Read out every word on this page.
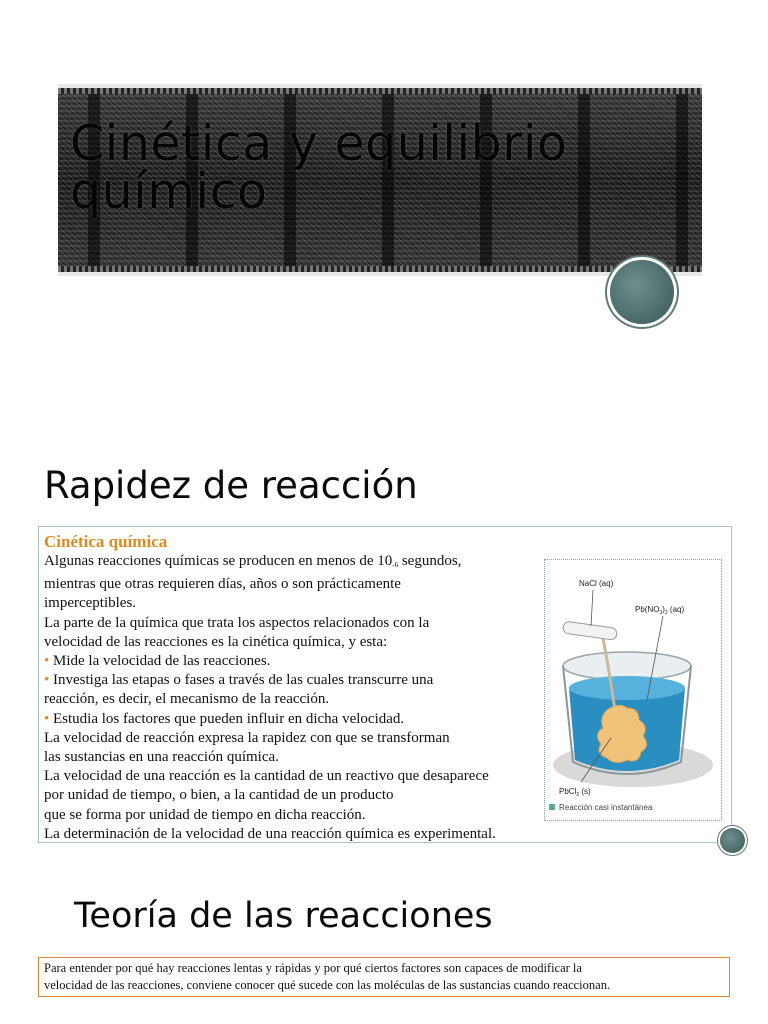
Cinética y equilibrio
químico
Rapidez de reacción
Cinética química
Algunas reacciones químicas se producen en menos de $10_{-6}$ segundos,
mientras que otras requieren días, años o son prácticamente
imperceptibles.
La parte de la química que trata los aspectos relacionados con la
velocidad de las reacciones es la cinética química, y esta:
• Mide la velocidad de las reacciones.
• Investiga las etapas o fases a través de las cuales transcurre una
reacción, es decir, el mecanismo de la reacción.
• Estudia los factores que pueden influir en dicha velocidad.
La velocidad de reacción expresa la rapidez con que se transforman
las sustancias en una reacción química.
La velocidad de una reacción es la cantidad de un reactivo que desaparece
por unidad de tiempo, o bien, a la cantidad de un producto
que se forma por unidad de tiempo en dicha reacción.
La determinación de la velocidad de una reacción química es experimental.
NaCl (aq)
$Pb(NO_3)_2$ (aq)
PbCl$_2$ (s)
Reacción casi instantánea
Teoría de las reacciones
Para entender por qué hay reacciones lentas y rápidas y por qué ciertos factores son capaces de modificar la
velocidad de las reacciones, conviene conocer qué sucede con las moléculas de las sustancias cuando reaccionan.
